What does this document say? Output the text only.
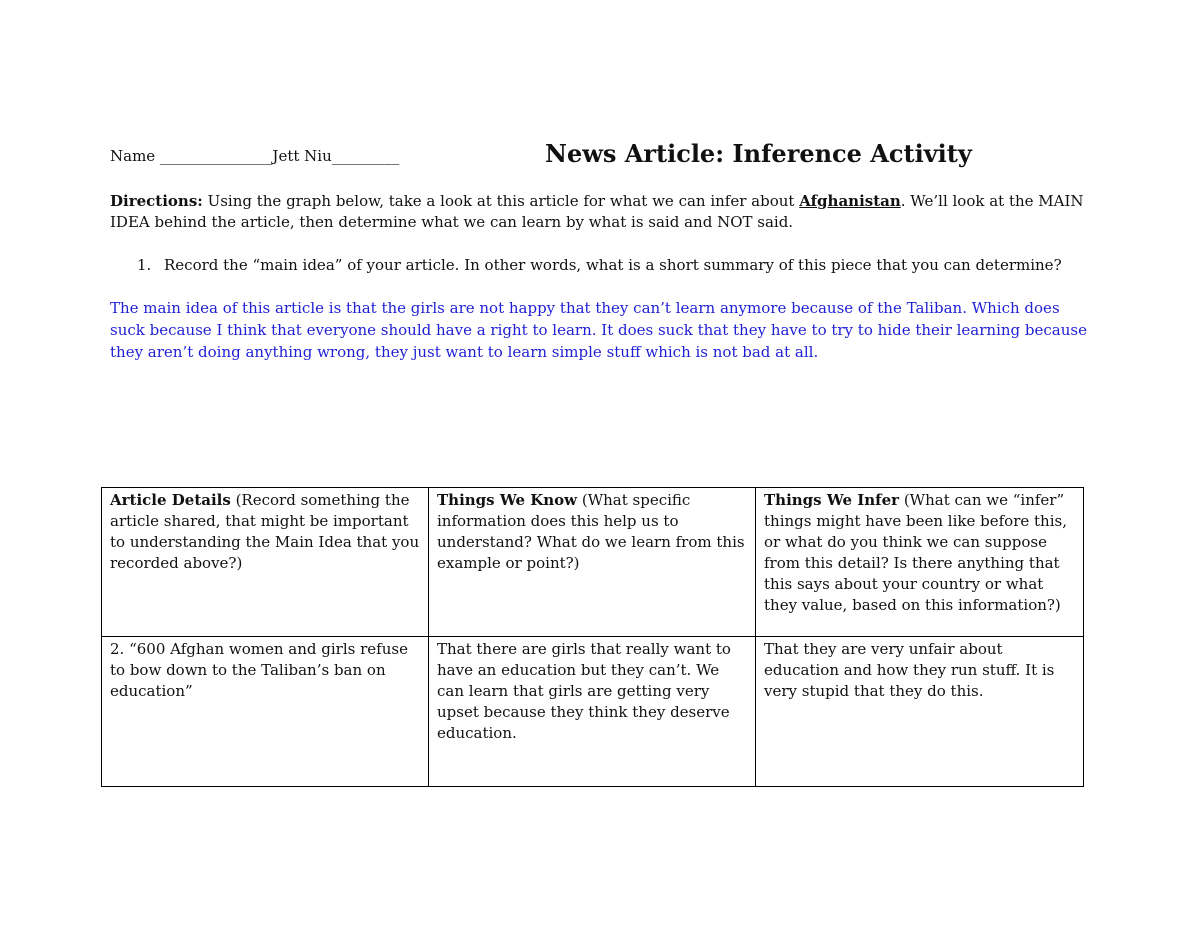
Name _______________Jett Niu_________	News Article: Inference Activity
Directions: Using the graph below, take a look at this article for what we can infer about Afghanistan. We’ll look at the MAIN IDEA behind the article, then determine what we can learn by what is said and NOT said.
1. Record the “main idea” of your article. In other words, what is a short summary of this piece that you can determine?
The main idea of this article is that the girls are not happy that they can’t learn anymore because of the Taliban. Which does suck because I think that everyone should have a right to learn. It does suck that they have to try to hide their learning because they aren’t doing anything wrong, they just want to learn simple stuff which is not bad at all.
Article Details (Record something the article shared, that might be important to understanding the Main Idea that you recorded above?)	Things We Know (What specific information does this help us to understand? What do we learn from this example or point?)	Things We Infer (What can we “infer” things might have been like before this, or what do you think we can suppose from this detail? Is there anything that this says about your country or what they value, based on this information?)
2. “600 Afghan women and girls refuse to bow down to the Taliban’s ban on education”	That there are girls that really want to have an education but they can’t. We can learn that girls are getting very upset because they think they deserve education.	That they are very unfair about education and how they run stuff. It is very stupid that they do this.
